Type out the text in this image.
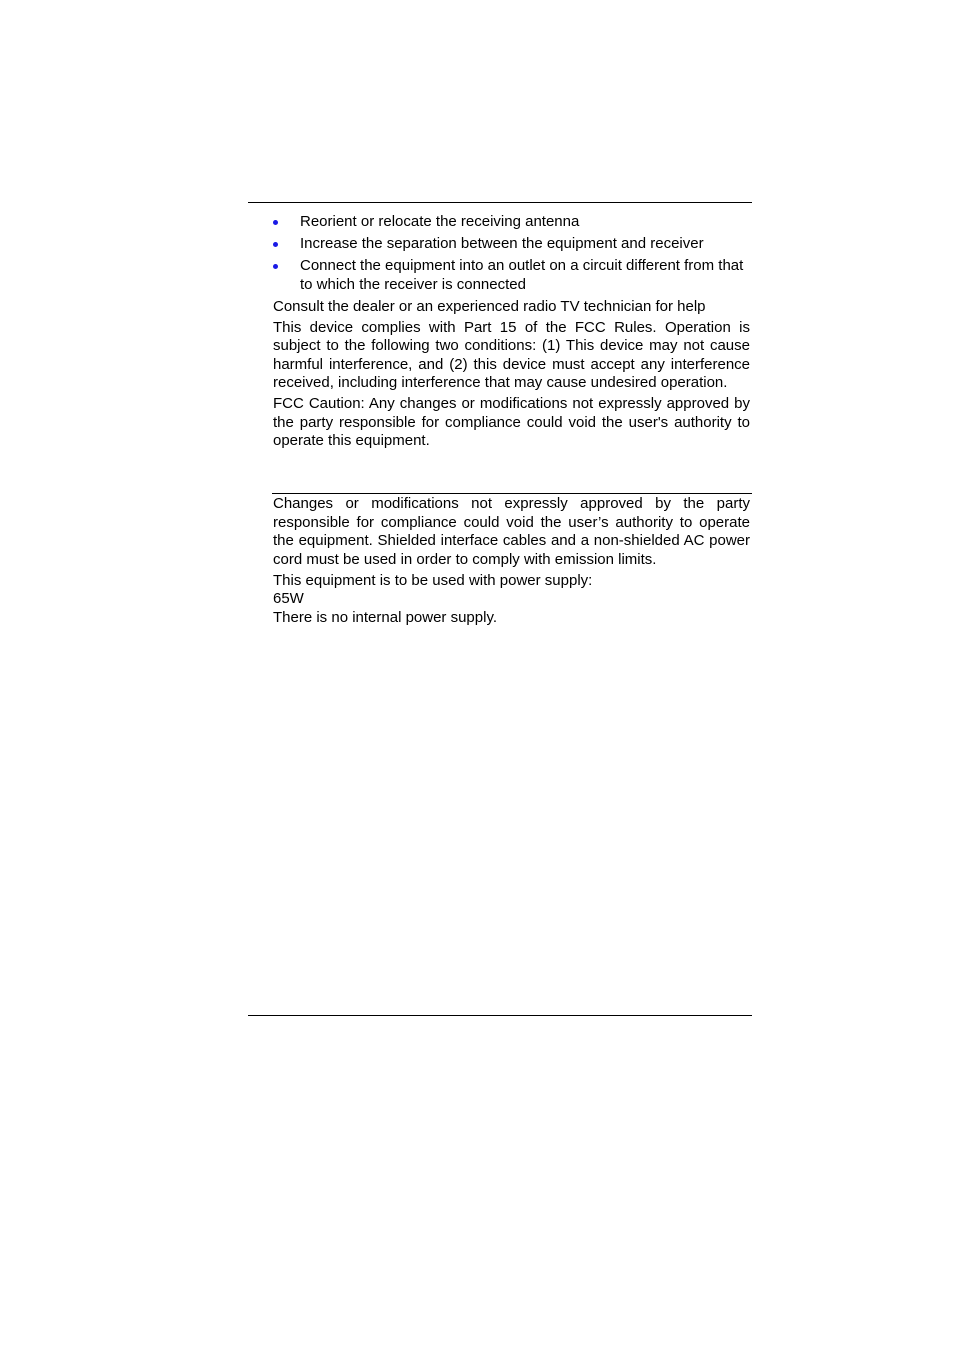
Reorient or relocate the receiving antenna
Increase the separation between the equipment and receiver
Connect the equipment into an outlet on a circuit different from that to which the receiver is connected

Consult the dealer or an experienced radio TV technician for help

This device complies with Part 15 of the FCC Rules. Operation is subject to the following two conditions: (1) This device may not cause harmful interference, and (2) this device must accept any interference received, including interference that may cause undesired operation.

FCC Caution: Any changes or modifications not expressly approved by the party responsible for compliance could void the user's authority to operate this equipment.

Changes or modifications not expressly approved by the party responsible for compliance could void the user’s authority to operate the equipment. Shielded interface cables and a non-shielded AC power cord must be used in order to comply with emission limits.

This equipment is to be used with power supply:

65W

There is no internal power supply.
